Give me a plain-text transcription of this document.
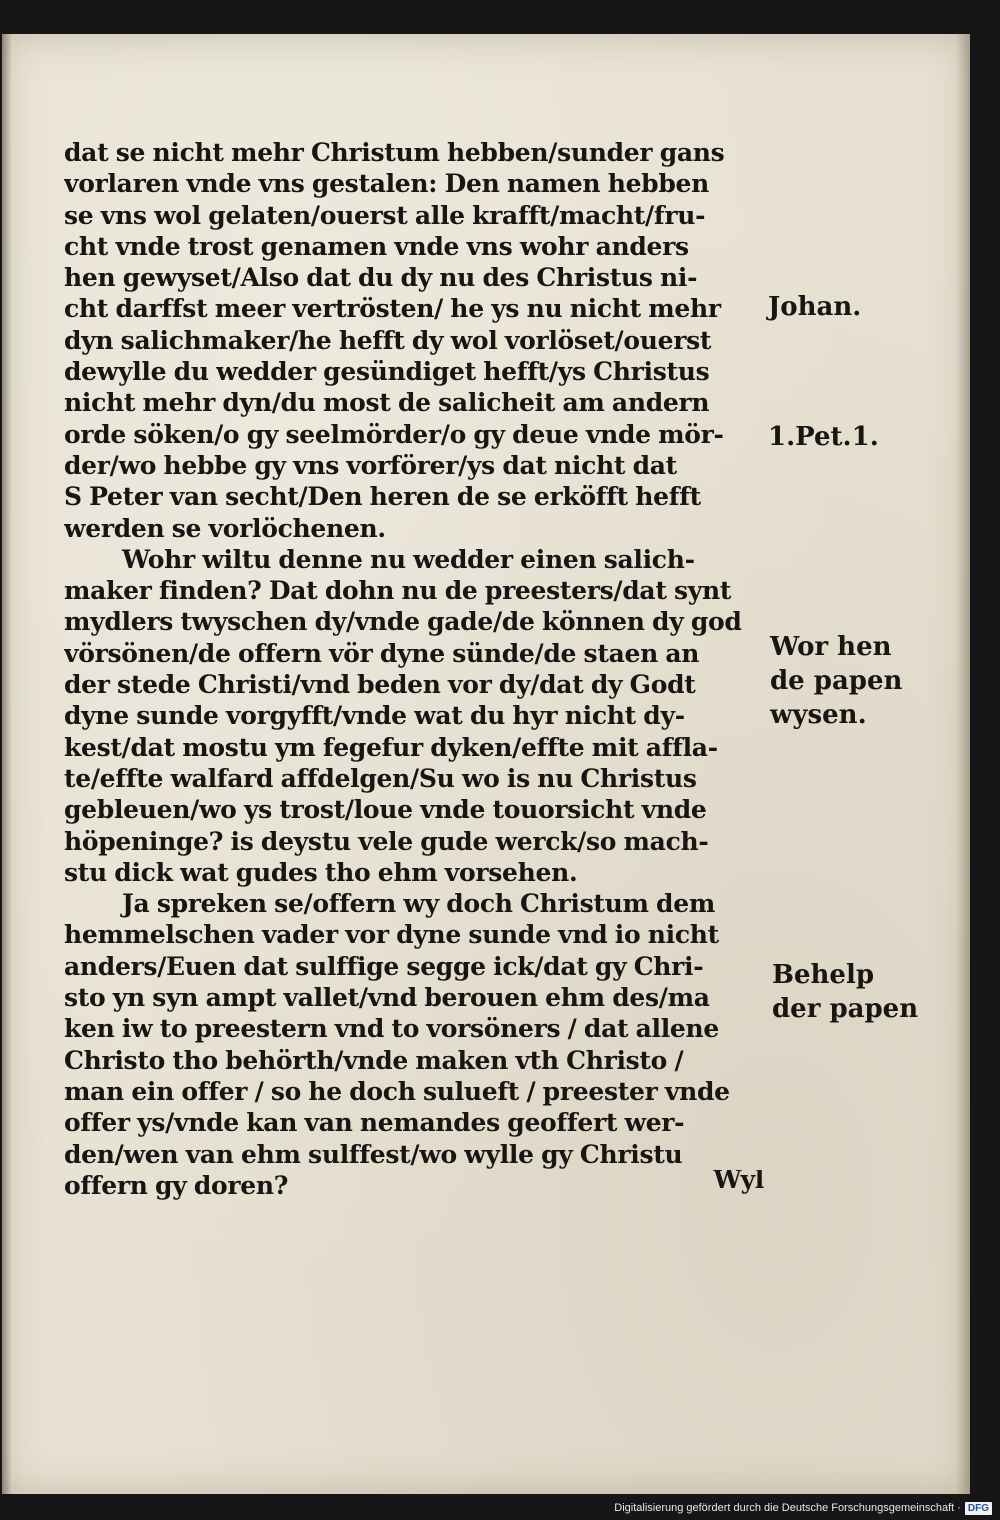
dat se nicht mehr Christum hebben/sunder gans
vorlaren vnde vns gestalen: Den namen hebben
se vns wol gelaten/ouerst alle krafft/macht/fru-
cht vnde trost genamen vnde vns wohr anders
hen gewyset/Also dat du dy nu des Christus ni-
cht darffst meer vertrösten/ he ys nu nicht mehr
dyn salichmaker/he hefft dy wol vorlöset/ouerst
dewylle du wedder gesündiget hefft/ys Christus
nicht mehr dyn/du most de salicheit am andern
orde söken/o gy seelmörder/o gy deue vnde mör-
der/wo hebbe gy vns vorförer/ys dat nicht dat
S Peter van secht/Den heren de se erköfft hefft
werden se vorlöchenen.
Wohr wiltu denne nu wedder einen salich-
maker finden? Dat dohn nu de preesters/dat synt
mydlers twyschen dy/vnde gade/de können dy god
vörsönen/de offern vör dyne sünde/de staen an
der stede Christi/vnd beden vor dy/dat dy Godt
dyne sunde vorgyfft/vnde wat du hyr nicht dy-
kest/dat mostu ym fegefur dyken/effte mit affla-
te/effte walfard affdelgen/Su wo is nu Christus
gebleuen/wo ys trost/loue vnde touorsicht vnde
höpeninge? is deystu vele gude werck/so mach-
stu dick wat gudes tho ehm vorsehen.
Ja spreken se/offern wy doch Christum dem
hemmelschen vader vor dyne sunde vnd io nicht
anders/Euen dat sulffige segge ick/dat gy Chri-
sto yn syn ampt vallet/vnd berouen ehm des/ma
ken iw to preestern vnd to vorsöners / dat allene
Christo tho behörth/vnde maken vth Christo /
man ein offer / so he doch sulueft / preester vnde
offer ys/vnde kan van nemandes geoffert wer-
den/wen van ehm sulffest/wo wylle gy Christu
offern gy doren?	Wyl
Johan.
1.Pet.1.
Wor hen
de papen
wysen.
Behelp
der papen
Digitalisierung gefördert durch die Deutsche Forschungsgemeinschaft · DFG
